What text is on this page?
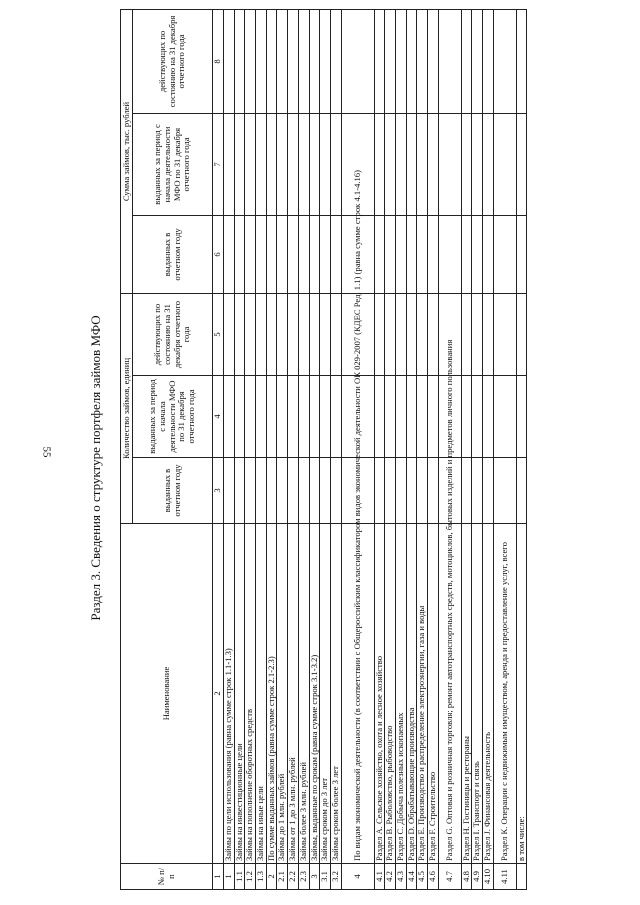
55	Раздел 3. Сведения о структуре портфеля займов МФО
№ п/п	Наименование	Количество займов, единиц			Сумма займов, тыс. рублей		
		выданных в отчетном году	выданных за период с начала деятельности МФО по 31 декабря отчетного года	действующих по состоянию на 31 декабря отчетного года	выданных в отчетном году	выданных за период с начала деятельности МФО по 31 декабря отчетного года	действующих по состоянию на 31 декабря отчетного года
1	2	3	4	5	6	7	8
1	Займы по цели использования (равна сумме строк 1.1-1.3)						
1.1	Займы на инвестиционные цели						
1.2	Займы на пополнение оборотных средств						
1.3	Займы на иные цели						
2	По сумме выданных займов (равна сумме строк 2.1-2.3)						
2.1	Займы до 1 млн. рублей						
2.2	Займы от 1 до 3 млн. рублей						
2.3	Займы более 3 млн. рублей						
3	Займы, выданные по срокам (равна сумме строк 3.1-3.2)						
3.1	Займы сроком до 3 лет						
3.2	Займы сроком более 3 лет						
4	По видам экономической деятельности (в соответствии с Общероссийским классификатором видов экономической деятельности ОК 029-2007 (КДЕС Ред. 1.1) (равна сумме строк 4.1-4.16)						
4.1	Раздел А. Сельское хозяйство, охота и лесное хозяйство						
4.2	Раздел В. Рыболовство, рыбоводство						
4.3	Раздел С. Добыча полезных ископаемых						
4.4	Раздел D. Обрабатывающие производства						
4.5	Раздел Е. Производство и распределение электроэнергии, газа и воды						
4.6	Раздел F. Строительство						
4.7	Раздел G. Оптовая и розничная торговля; ремонт автотранспортных средств, мотоциклов, бытовых изделий и предметов личного пользования						
4.8	Раздел Н. Гостиницы и рестораны						
4.9	Раздел I. Транспорт и связь						
4.10	Раздел J. Финансовая деятельность						
4.11	Раздел К. Операции с недвижимым имуществом, аренда и предоставление услуг, всего						
	в том числе:						
